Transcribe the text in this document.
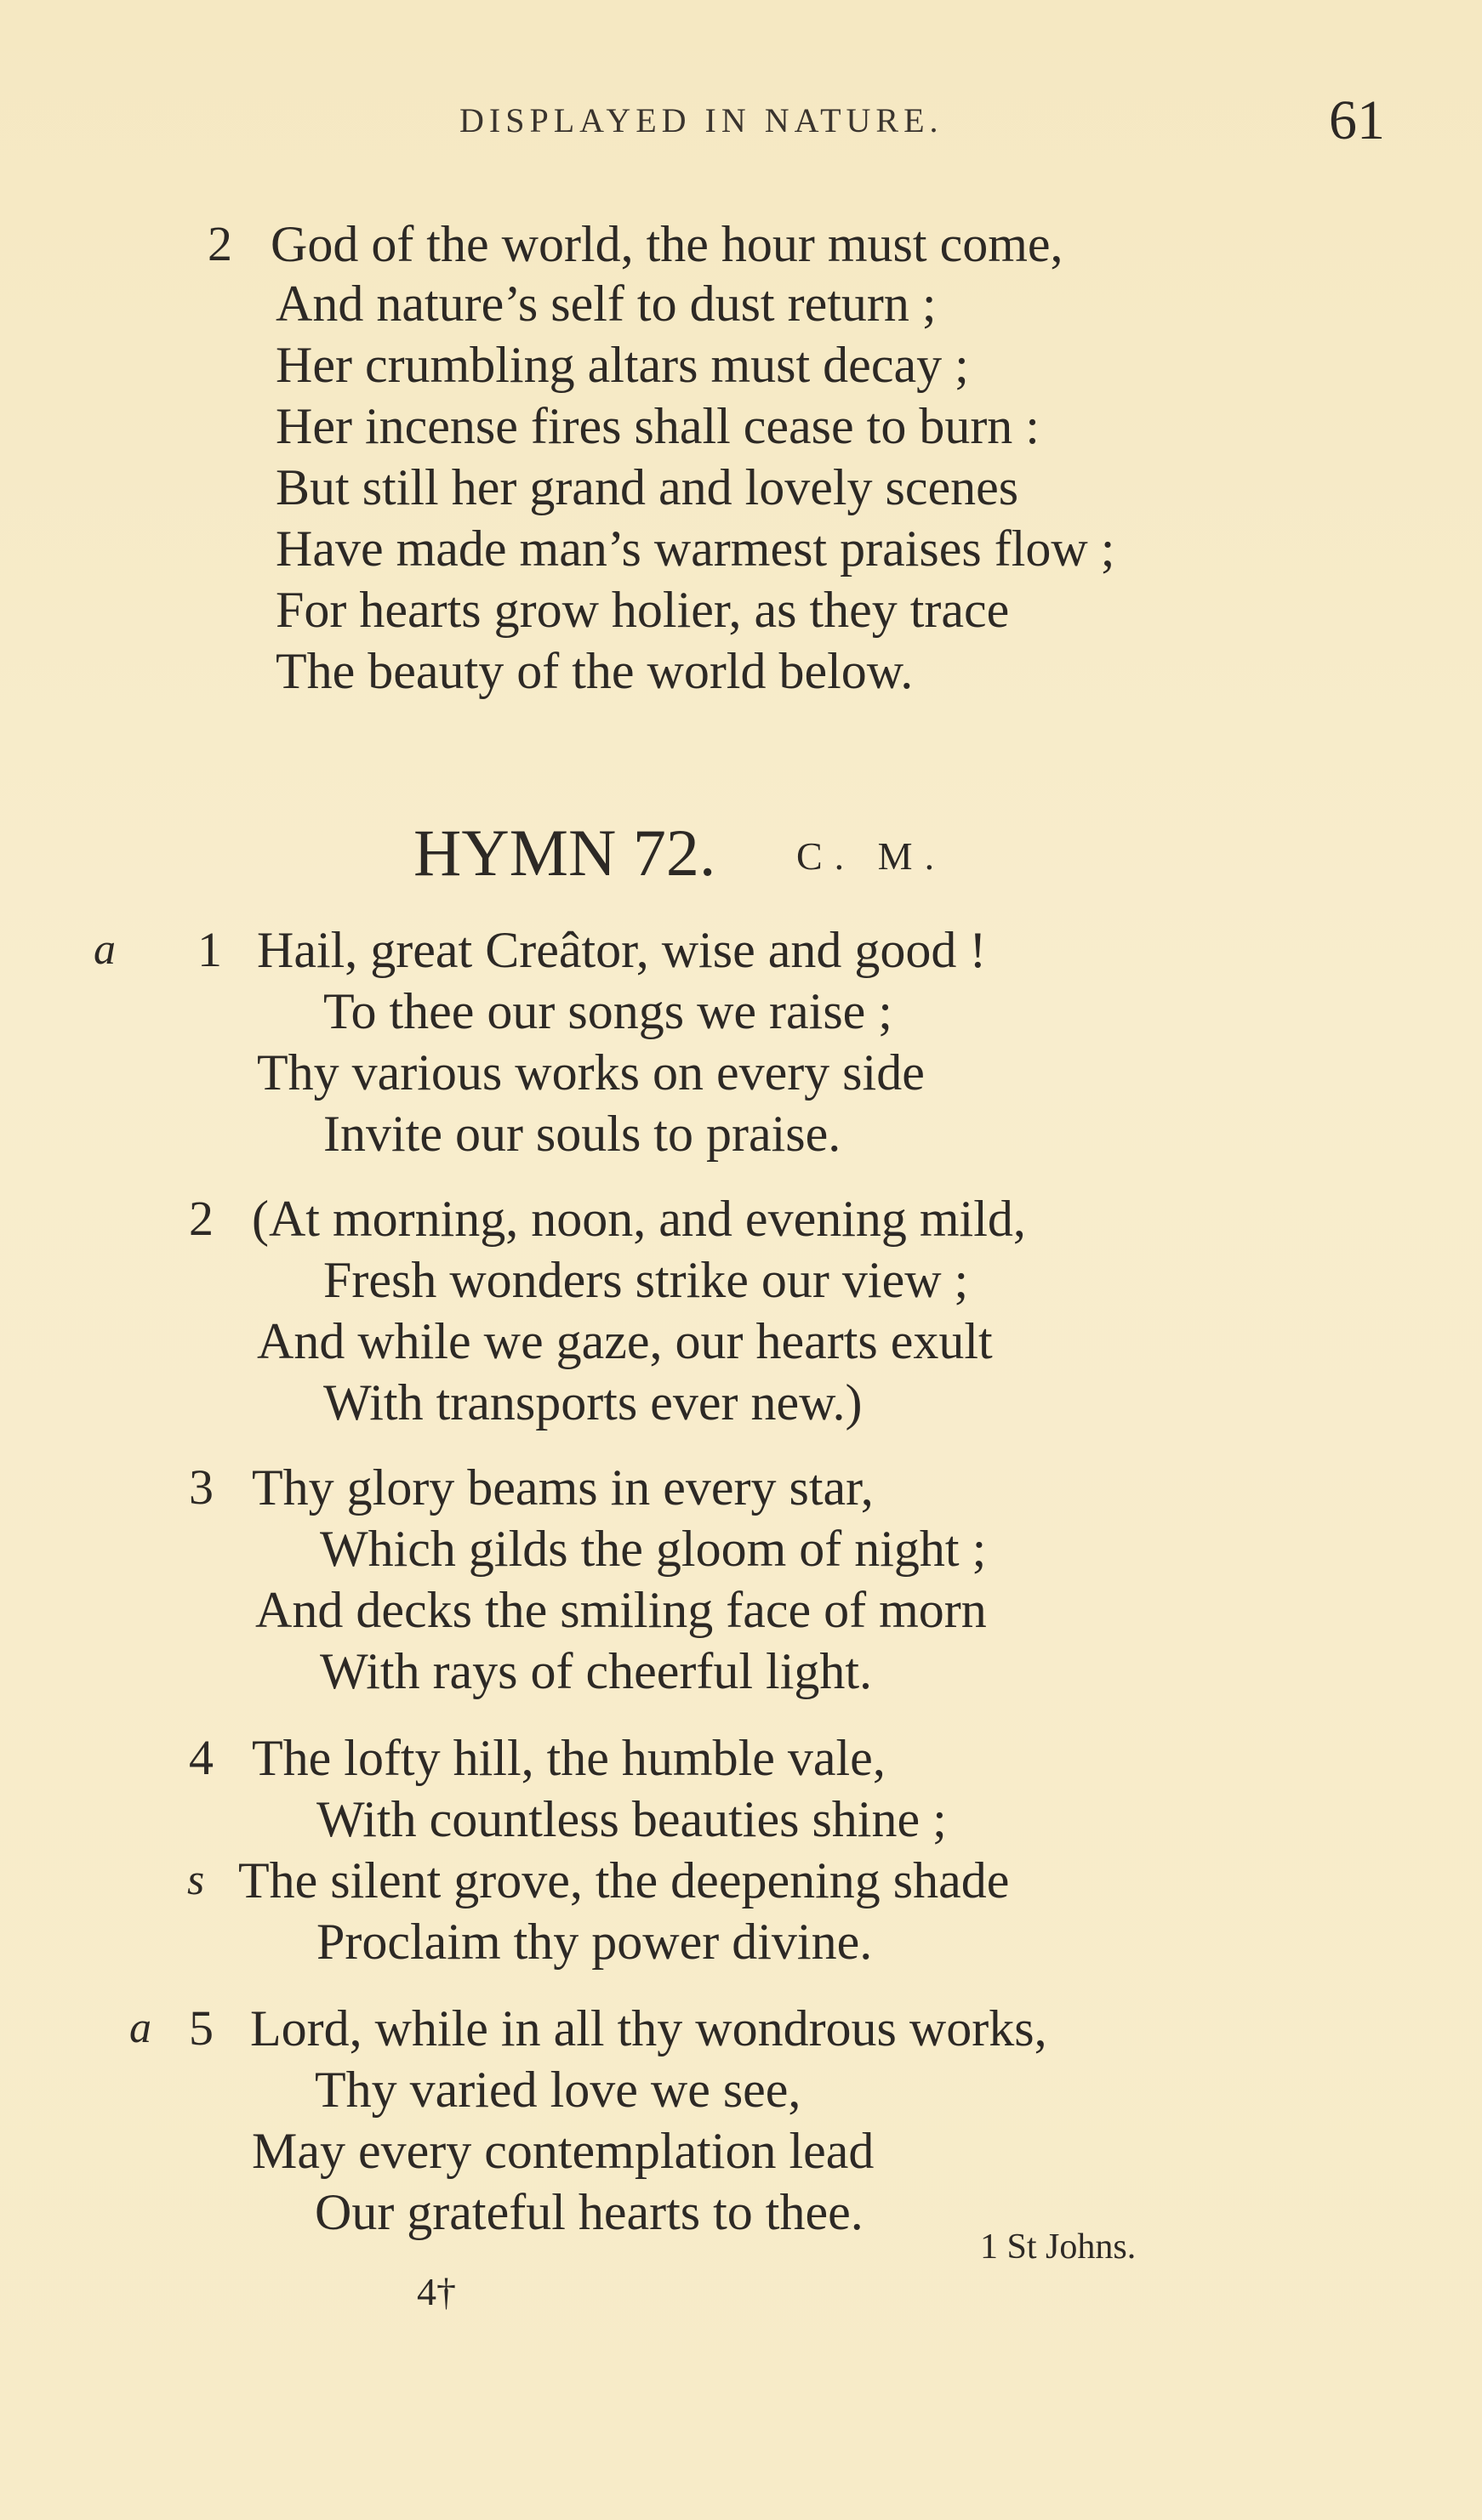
DISPLAYED IN NATURE.	61
2 God of the world, the hour must come,
And nature’s self to dust return ;
Her crumbling altars must decay ;
Her incense fires shall cease to burn :
But still her grand and lovely scenes
Have made man’s warmest praises flow ;
For hearts grow holier, as they trace
The beauty of the world below.
HYMN 72. C. M.
a 1 Hail, great Creâtor, wise and good !
To thee our songs we raise ;
Thy various works on every side
Invite our souls to praise.
2 (At morning, noon, and evening mild,
Fresh wonders strike our view ;
And while we gaze, our hearts exult
With transports ever new.)
3 Thy glory beams in every star,
Which gilds the gloom of night ;
And decks the smiling face of morn
With rays of cheerful light.
4 The lofty hill, the humble vale,
With countless beauties shine ;
s The silent grove, the deepening shade
Proclaim thy power divine.
a 5 Lord, while in all thy wondrous works,
Thy varied love we see,
May every contemplation lead
Our grateful hearts to thee.
1 St Johns.
4†
